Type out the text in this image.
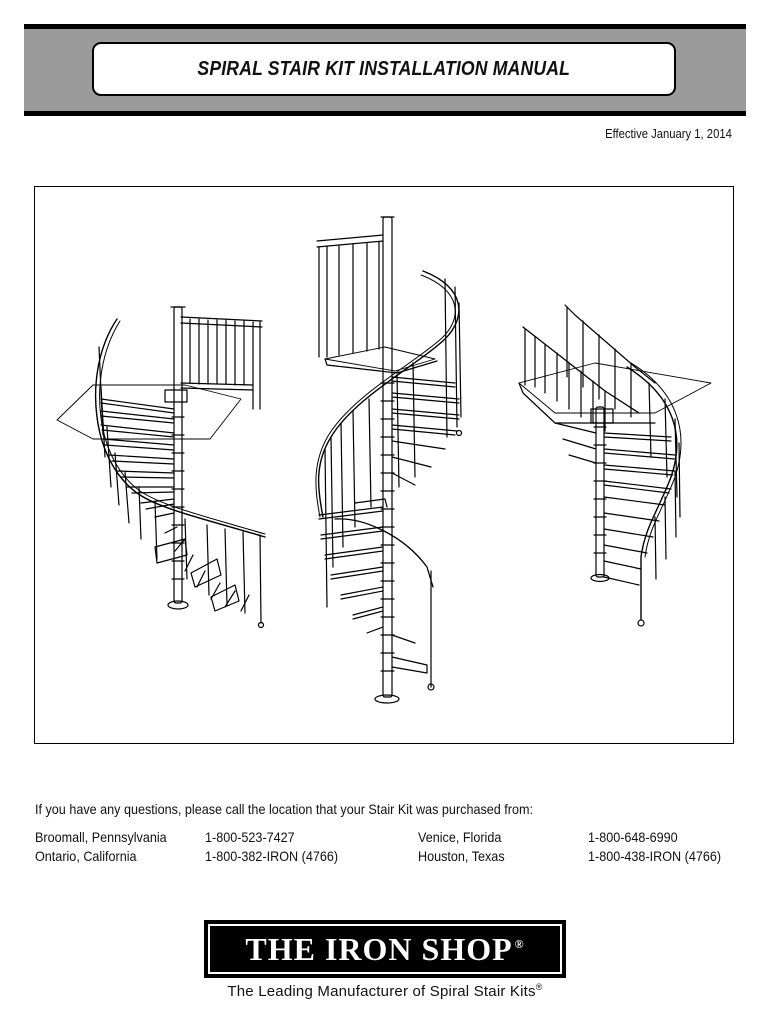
SPIRAL STAIR KIT INSTALLATION MANUAL
Effective January 1, 2014
If you have any questions, please call the location that your Stair Kit was purchased from:
Broomall, Pennsylvania	1-800-523-7427
Ontario, California	1-800-382-IRON (4766)
Venice, Florida	1-800-648-6990
Houston, Texas	1-800-438-IRON (4766)
THE IRON SHOP ®
The Leading Manufacturer of Spiral Stair Kits®
